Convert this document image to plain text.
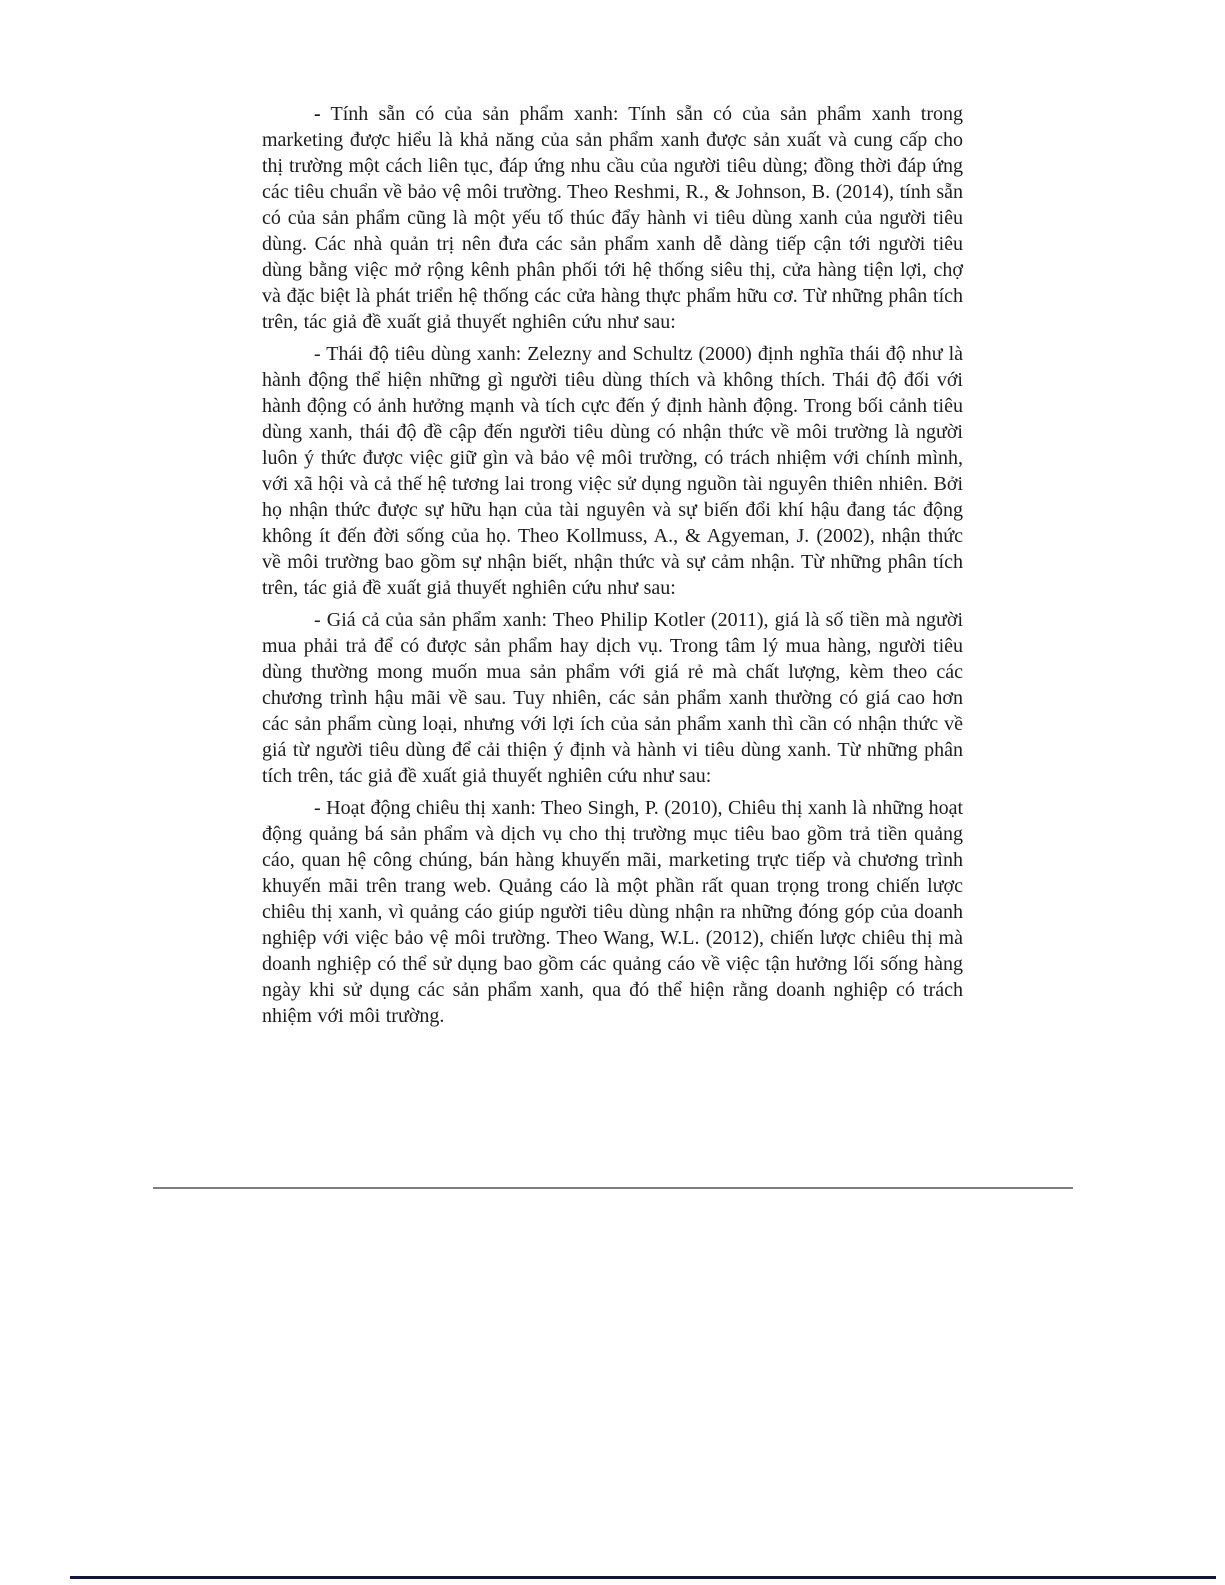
- Tính sẵn có của sản phẩm xanh: Tính sẵn có của sản phẩm xanh trong marketing được hiểu là khả năng của sản phẩm xanh được sản xuất và cung cấp cho thị trường một cách liên tục, đáp ứng nhu cầu của người tiêu dùng; đồng thời đáp ứng các tiêu chuẩn về bảo vệ môi trường. Theo Reshmi, R., & Johnson, B. (2014), tính sẵn có của sản phẩm cũng là một yếu tố thúc đẩy hành vi tiêu dùng xanh của người tiêu dùng. Các nhà quản trị nên đưa các sản phẩm xanh dễ dàng tiếp cận tới người tiêu dùng bằng việc mở rộng kênh phân phối tới hệ thống siêu thị, cửa hàng tiện lợi, chợ và đặc biệt là phát triển hệ thống các cửa hàng thực phẩm hữu cơ. Từ những phân tích trên, tác giả đề xuất giả thuyết nghiên cứu như sau:

- Thái độ tiêu dùng xanh: Zelezny and Schultz (2000) định nghĩa thái độ như là hành động thể hiện những gì người tiêu dùng thích và không thích. Thái độ đối với hành động có ảnh hưởng mạnh và tích cực đến ý định hành động. Trong bối cảnh tiêu dùng xanh, thái độ đề cập đến người tiêu dùng có nhận thức về môi trường là người luôn ý thức được việc giữ gìn và bảo vệ môi trường, có trách nhiệm với chính mình, với xã hội và cả thế hệ tương lai trong việc sử dụng nguồn tài nguyên thiên nhiên. Bởi họ nhận thức được sự hữu hạn của tài nguyên và sự biến đổi khí hậu đang tác động không ít đến đời sống của họ. Theo Kollmuss, A., & Agyeman, J. (2002), nhận thức về môi trường bao gồm sự nhận biết, nhận thức và sự cảm nhận. Từ những phân tích trên, tác giả đề xuất giả thuyết nghiên cứu như sau:

- Giá cả của sản phẩm xanh: Theo Philip Kotler (2011), giá là số tiền mà người mua phải trả để có được sản phẩm hay dịch vụ. Trong tâm lý mua hàng, người tiêu dùng thường mong muốn mua sản phẩm với giá rẻ mà chất lượng, kèm theo các chương trình hậu mãi về sau. Tuy nhiên, các sản phẩm xanh thường có giá cao hơn các sản phẩm cùng loại, nhưng với lợi ích của sản phẩm xanh thì cần có nhận thức về giá từ người tiêu dùng để cải thiện ý định và hành vi tiêu dùng xanh. Từ những phân tích trên, tác giả đề xuất giả thuyết nghiên cứu như sau:

- Hoạt động chiêu thị xanh: Theo Singh, P. (2010), Chiêu thị xanh là những hoạt động quảng bá sản phẩm và dịch vụ cho thị trường mục tiêu bao gồm trả tiền quảng cáo, quan hệ công chúng, bán hàng khuyến mãi, marketing trực tiếp và chương trình khuyến mãi trên trang web. Quảng cáo là một phần rất quan trọng trong chiến lược chiêu thị xanh, vì quảng cáo giúp người tiêu dùng nhận ra những đóng góp của doanh nghiệp với việc bảo vệ môi trường. Theo Wang, W.L. (2012), chiến lược chiêu thị mà doanh nghiệp có thể sử dụng bao gồm các quảng cáo về việc tận hưởng lối sống hàng ngày khi sử dụng các sản phẩm xanh, qua đó thể hiện rằng doanh nghiệp có trách nhiệm với môi trường.
